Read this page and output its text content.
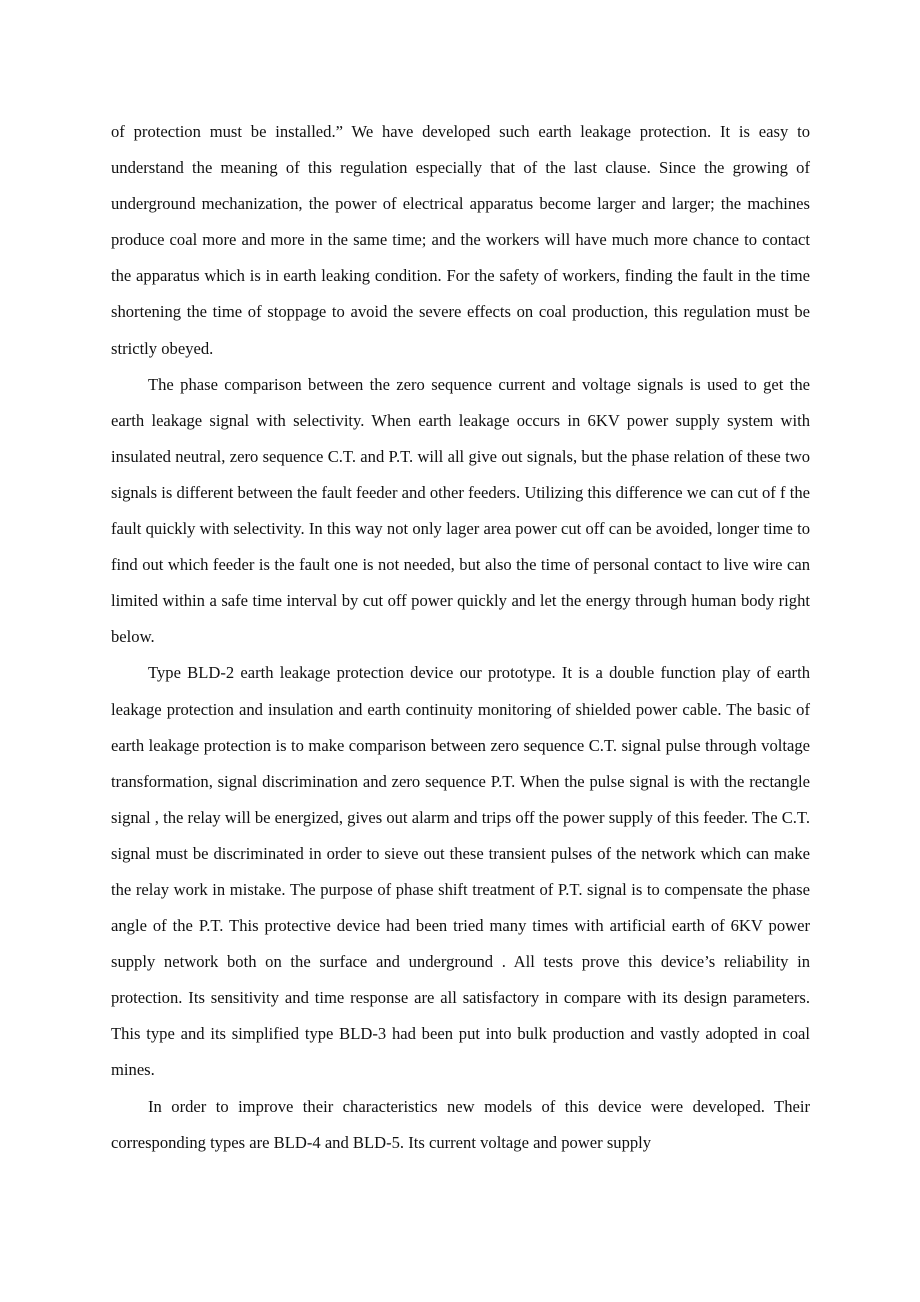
of protection must be installed.” We have developed such earth leakage protection. It is easy to understand the meaning of this regulation especially that of the last clause. Since the growing of underground mechanization, the power of electrical apparatus become larger and larger; the machines produce coal more and more in the same time; and the workers will have much more chance to contact the apparatus which is in earth leaking condition. For the safety of workers, finding the fault in the time shortening the time of stoppage to avoid the severe effects on coal production, this regulation must be strictly obeyed.

The phase comparison between the zero sequence current and voltage signals is used to get the earth leakage signal with selectivity. When earth leakage occurs in 6KV power supply system with insulated neutral, zero sequence C.T. and P.T. will all give out signals, but the phase relation of these two signals is different between the fault feeder and other feeders. Utilizing this difference we can cut of f the fault quickly with selectivity. In this way not only lager area power cut off can be avoided, longer time to find out which feeder is the fault one is not needed, but also the time of personal contact to live wire can limited within a safe time interval by cut off power quickly and let the energy through human body right below.

Type BLD-2 earth leakage protection device our prototype. It is a double function play of earth leakage protection and insulation and earth continuity monitoring of shielded power cable. The basic of earth leakage protection is to make comparison between zero sequence C.T. signal pulse through voltage transformation, signal discrimination and zero sequence P.T. When the pulse signal is with the rectangle signal , the relay will be energized, gives out alarm and trips off the power supply of this feeder. The C.T. signal must be discriminated in order to sieve out these transient pulses of the network which can make the relay work in mistake. The purpose of phase shift treatment of P.T. signal is to compensate the phase angle of the P.T. This protective device had been tried many times with artificial earth of 6KV power supply network both on the surface and underground . All tests prove this device’s reliability in protection. Its sensitivity and time response are all satisfactory in compare with its design parameters. This type and its simplified type BLD-3 had been put into bulk production and vastly adopted in coal mines.

In order to improve their characteristics new models of this device were developed. Their corresponding types are BLD-4 and BLD-5. Its current voltage and power supply
